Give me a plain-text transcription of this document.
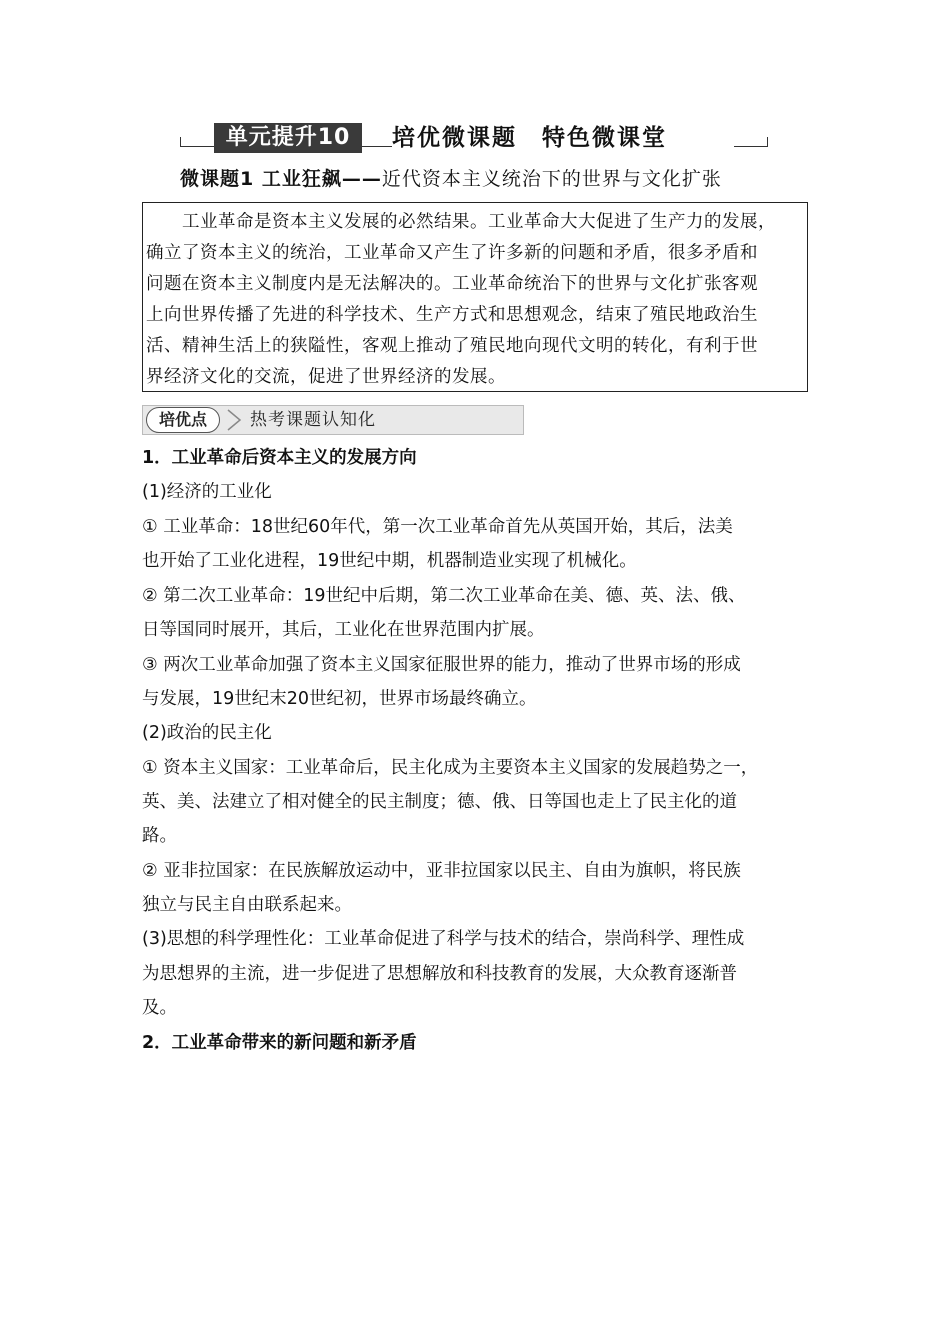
单元提升10	培优微课题　特色微课堂
微课题1 工业狂飙——近代资本主义统治下的世界与文化扩张
　　工业革命是资本主义发展的必然结果。工业革命大大促进了生产力的发展，
确立了资本主义的统治，工业革命又产生了许多新的问题和矛盾，很多矛盾和
问题在资本主义制度内是无法解决的。工业革命统治下的世界与文化扩张客观
上向世界传播了先进的科学技术、生产方式和思想观念，结束了殖民地政治生
活、精神生活上的狭隘性，客观上推动了殖民地向现代文明的转化，有利于世
界经济文化的交流，促进了世界经济的发展。
培优点	热考课题认知化
1．工业革命后资本主义的发展方向
(1)经济的工业化
① 工业革命：18世纪60年代，第一次工业革命首先从英国开始，其后，法美
也开始了工业化进程，19世纪中期，机器制造业实现了机械化。
② 第二次工业革命：19世纪中后期，第二次工业革命在美、德、英、法、俄、
日等国同时展开，其后，工业化在世界范围内扩展。
③ 两次工业革命加强了资本主义国家征服世界的能力，推动了世界市场的形成
与发展，19世纪末20世纪初，世界市场最终确立。
(2)政治的民主化
① 资本主义国家：工业革命后，民主化成为主要资本主义国家的发展趋势之一，
英、美、法建立了相对健全的民主制度；德、俄、日等国也走上了民主化的道
路。
② 亚非拉国家：在民族解放运动中，亚非拉国家以民主、自由为旗帜，将民族
独立与民主自由联系起来。
(3)思想的科学理性化：工业革命促进了科学与技术的结合，崇尚科学、理性成
为思想界的主流，进一步促进了思想解放和科技教育的发展，大众教育逐渐普
及。
2．工业革命带来的新问题和新矛盾
